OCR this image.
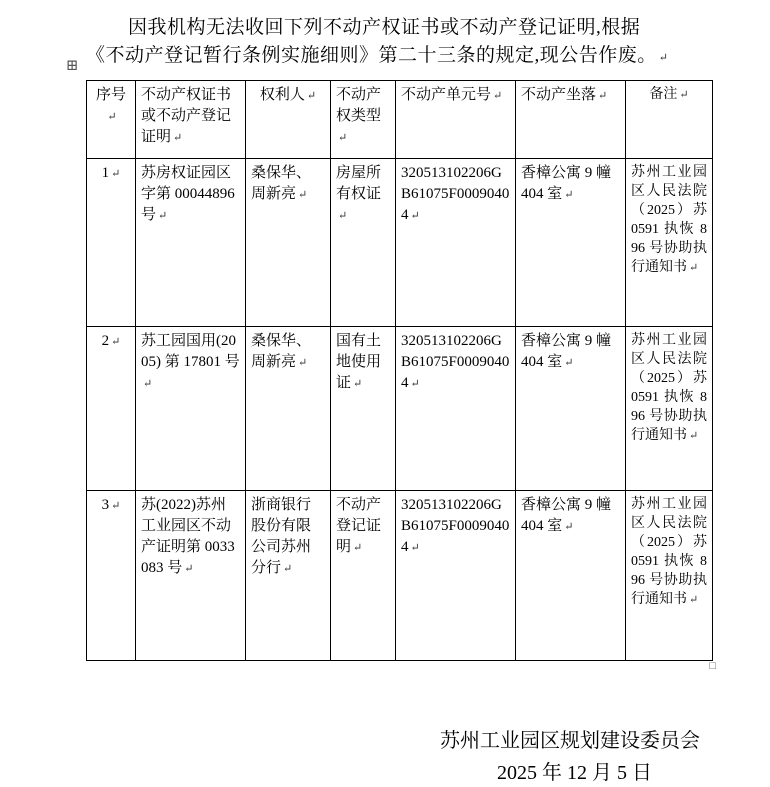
因我机构无法收回下列不动产权证书或不动产登记证明,根据

《不动产登记暂行条例实施细则》第二十三条的规定,现公告作废。 ↵

⊞
□
序号↵	不动产权证书或不动产登记证明 ↵	权利人 ↵	不动产权类型↵	不动产单元号 ↵	不动产坐落 ↵	备注 ↵
1 ↵	苏房权证园区字第 00044896 号 ↵	桑保华、周新亮 ↵	房屋所有权证↵	320513102206GB61075F00090404 ↵	香樟公寓 9 幢 404 室 ↵	苏州工业园区人民法院（2025）苏 0591 执恢 896 号协助执行通知书 ↵
2 ↵	苏工园国用(2005) 第 17801 号↵	桑保华、周新亮 ↵	国有土地使用证 ↵	320513102206GB61075F00090404 ↵	香樟公寓 9 幢 404 室 ↵	苏州工业园区人民法院（2025）苏 0591 执恢 896 号协助执行通知书 ↵
3 ↵	苏(2022)苏州工业园区不动产证明第 0033083 号 ↵	浙商银行股份有限公司苏州分行 ↵	不动产登记证明 ↵	320513102206GB61075F00090404 ↵	香樟公寓 9 幢 404 室 ↵	苏州工业园区人民法院（2025）苏 0591 执恢 896 号协助执行通知书 ↵
苏州工业园区规划建设委员会
2025 年 12 月 5 日
